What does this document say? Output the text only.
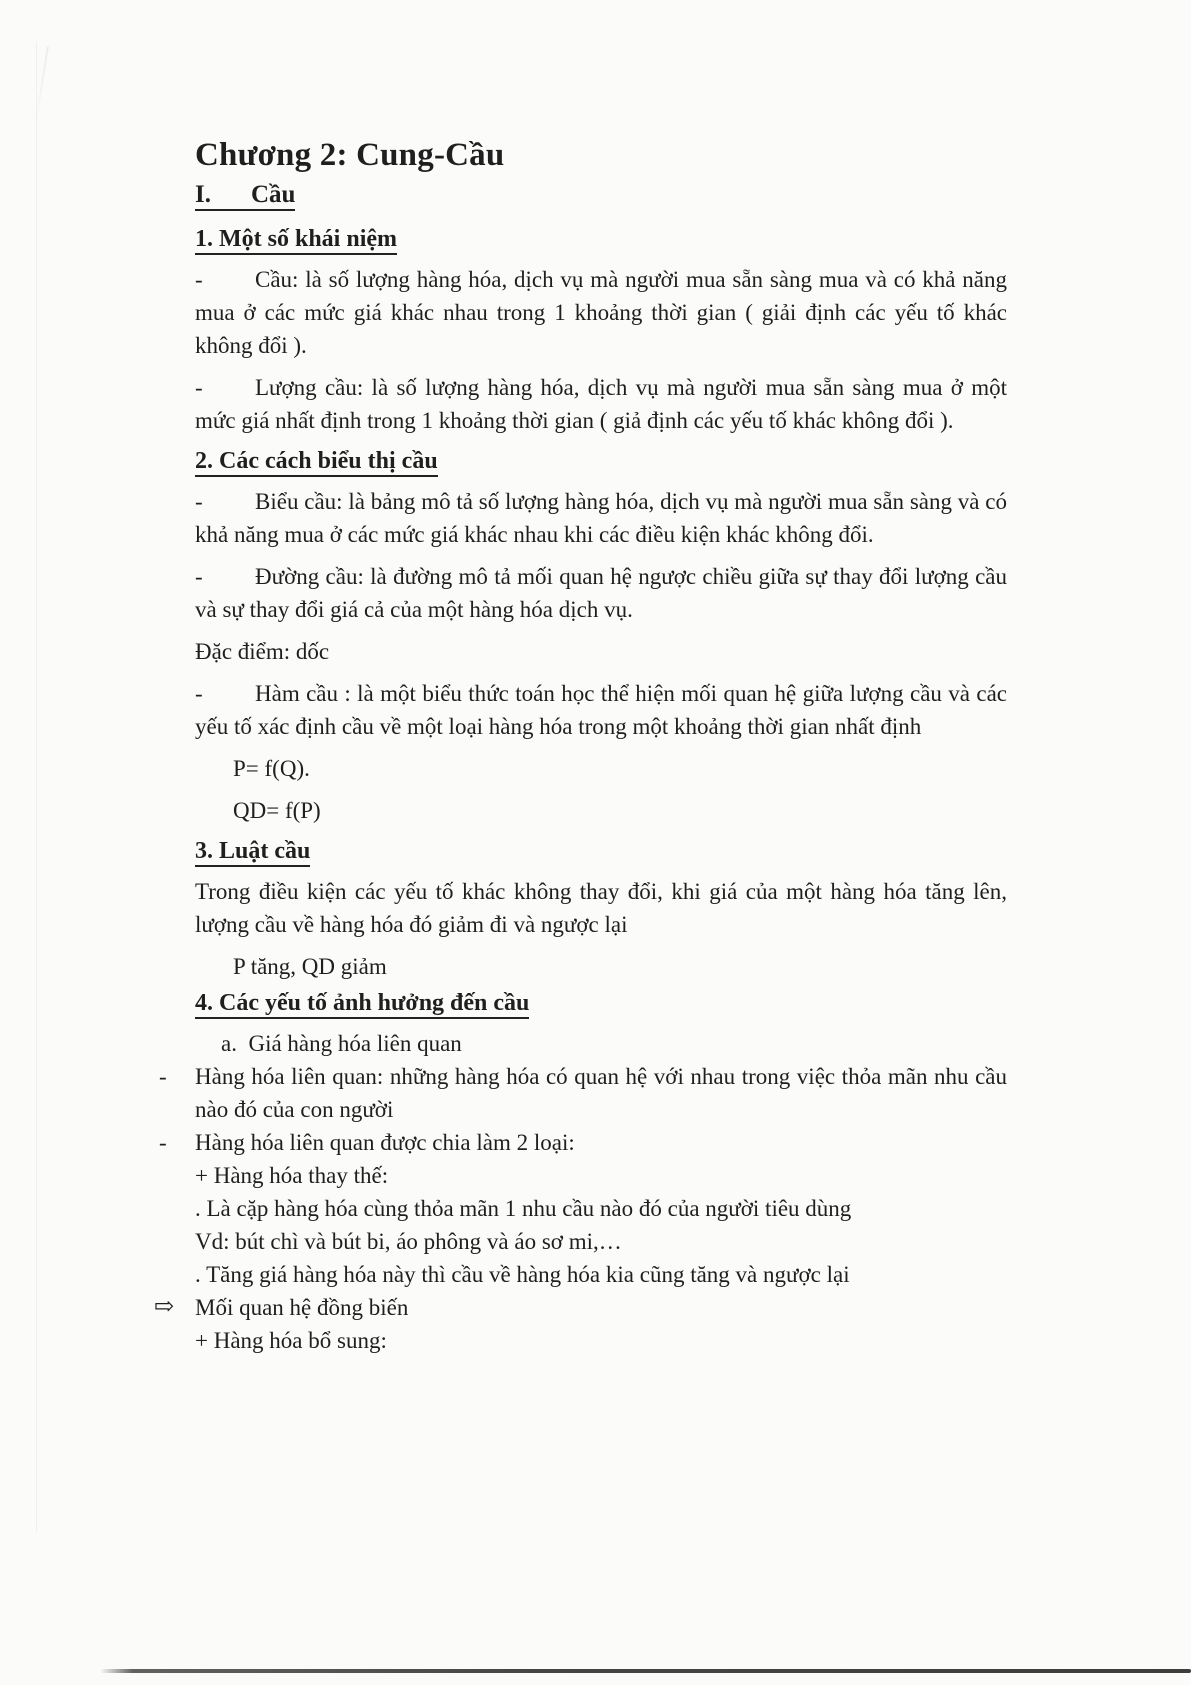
Chương 2: Cung-Cầu
I. Cầu
1. Một số khái niệm

- Cầu: là số lượng hàng hóa, dịch vụ mà người mua sẵn sàng mua và có khả năng mua ở các mức giá khác nhau trong 1 khoảng thời gian ( giải định các yếu tố khác không đổi ).

- Lượng cầu: là số lượng hàng hóa, dịch vụ mà người mua sẵn sàng mua ở một mức giá nhất định trong 1 khoảng thời gian ( giả định các yếu tố khác không đổi ).

2. Các cách biểu thị cầu

- Biểu cầu: là bảng mô tả số lượng hàng hóa, dịch vụ mà người mua sẵn sàng và có khả năng mua ở các mức giá khác nhau khi các điều kiện khác không đổi.

- Đường cầu: là đường mô tả mối quan hệ ngược chiều giữa sự thay đổi lượng cầu và sự thay đổi giá cả của một hàng hóa dịch vụ.

Đặc điểm: dốc

- Hàm cầu : là một biểu thức toán học thể hiện mối quan hệ giữa lượng cầu và các yếu tố xác định cầu về một loại hàng hóa trong một khoảng thời gian nhất định

P= f(Q).

QD= f(P)

3. Luật cầu

Trong điều kiện các yếu tố khác không thay đổi, khi giá của một hàng hóa tăng lên, lượng cầu về hàng hóa đó giảm đi và ngược lại

P tăng, QD giảm

4. Các yếu tố ảnh hưởng đến cầu
a.  Giá hàng hóa liên quan
- Hàng hóa liên quan: những hàng hóa có quan hệ với nhau trong việc thỏa mãn nhu cầu nào đó của con người
- Hàng hóa liên quan được chia làm 2 loại:
+ Hàng hóa thay thế:
. Là cặp hàng hóa cùng thỏa mãn 1 nhu cầu nào đó của người tiêu dùng
Vd: bút chì và bút bi, áo phông và áo sơ mi,…
. Tăng giá hàng hóa này thì cầu về hàng hóa kia cũng tăng và ngược lại
⇨ Mối quan hệ đồng biến
+ Hàng hóa bổ sung:
